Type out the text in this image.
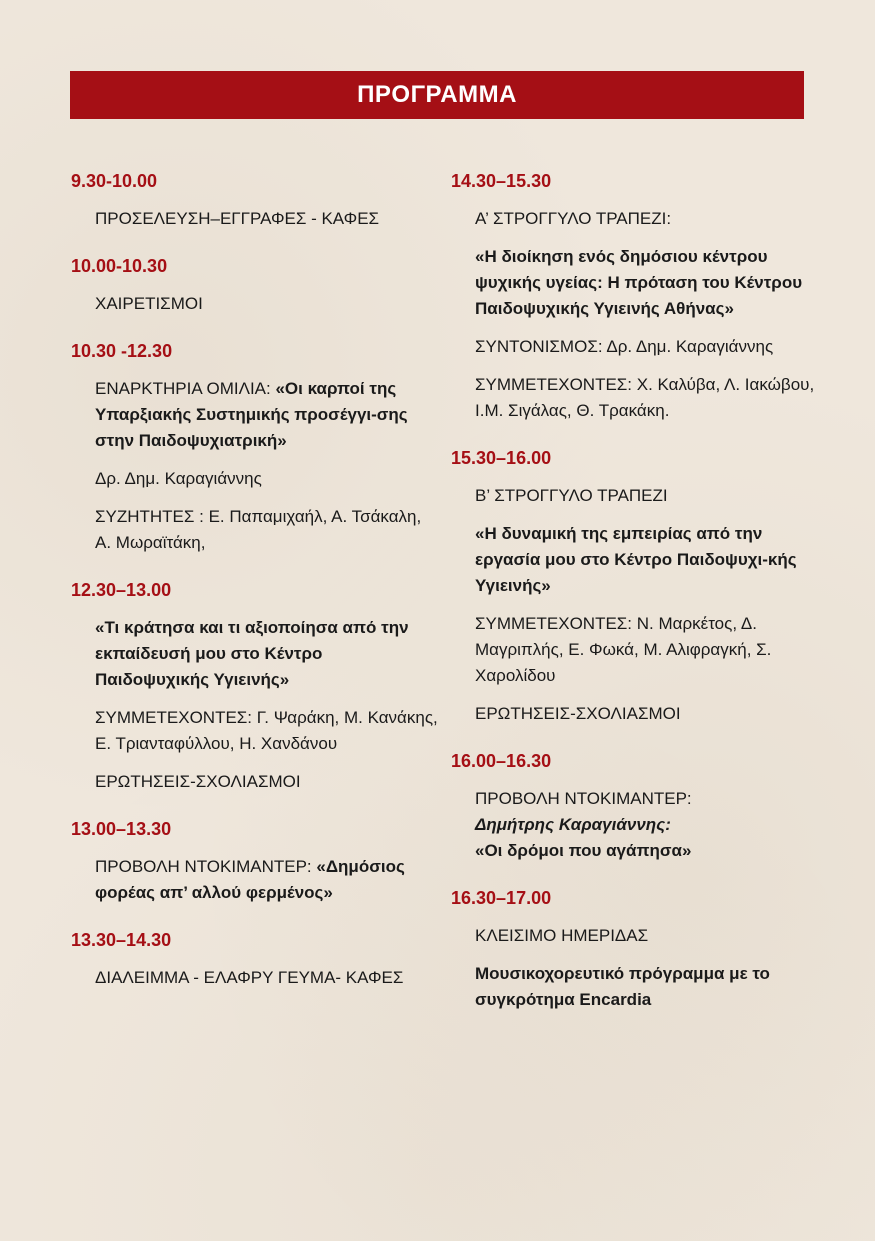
ΠΡΟΓΡΑΜΜΑ
9.30-10.00
ΠΡΟΣΕΛΕΥΣΗ–ΕΓΓΡΑΦΕΣ - ΚΑΦΕΣ
10.00-10.30
ΧΑΙΡΕΤΙΣΜΟΙ
10.30 -12.30
ΕΝΑΡΚΤΗΡΙΑ ΟΜΙΛΙΑ: «Οι καρποί της Υπαρξιακής Συστημικής προσέγγι-σης στην Παιδοψυχιατρική»
Δρ. Δημ. Καραγιάννης
ΣΥΖΗΤΗΤΕΣ : Ε. Παπαμιχαήλ, Α. Τσάκαλη, Α. Μωραϊτάκη,
12.30–13.00
«Τι κράτησα και τι αξιοποίησα από την εκπαίδευσή μου στο Κέντρο Παιδοψυχικής Υγιεινής»
ΣΥΜΜΕΤΕΧΟΝΤΕΣ: Γ. Ψαράκη, Μ. Κανάκης, Ε. Τριανταφύλλου, Η. Χανδάνου
ΕΡΩΤΗΣΕΙΣ-ΣΧΟΛΙΑΣΜΟΙ
13.00–13.30
ΠΡΟΒΟΛΗ ΝΤΟΚΙΜΑΝΤΕΡ: «Δημόσιος φορέας απ’ αλλού φερμένος»
13.30–14.30
ΔΙΑΛΕΙΜΜΑ - ΕΛΑΦΡΥ ΓΕΥΜΑ- ΚΑΦΕΣ
14.30–15.30
Α’ ΣΤΡΟΓΓΥΛΟ ΤΡΑΠΕΖΙ:
«Η διοίκηση ενός δημόσιου κέντρου ψυχικής υγείας: Η πρόταση του Κέντρου Παιδοψυχικής Υγιεινής Αθήνας»
ΣΥΝΤΟΝΙΣΜΟΣ: Δρ. Δημ. Καραγιάννης
ΣΥΜΜΕΤΕΧΟΝΤΕΣ: Χ. Καλύβα, Λ. Ιακώβου, Ι.Μ. Σιγάλας, Θ. Τρακάκη.
15.30–16.00
Β’ ΣΤΡΟΓΓΥΛΟ ΤΡΑΠΕΖΙ
«Η δυναμική της εμπειρίας από την εργασία μου στο Κέντρο Παιδοψυχι-κής Υγιεινής»
ΣΥΜΜΕΤΕΧΟΝΤΕΣ: Ν. Μαρκέτος, Δ. Μαγριπλής, Ε. Φωκά, Μ. Αλιφραγκή, Σ. Χαρολίδου
ΕΡΩΤΗΣΕΙΣ-ΣΧΟΛΙΑΣΜΟΙ
16.00–16.30
ΠΡΟΒΟΛΗ ΝΤΟΚΙΜΑΝΤΕΡ:
Δημήτρης Καραγιάννης:
«Οι δρόμοι που αγάπησα»
16.30–17.00
ΚΛΕΙΣΙΜΟ ΗΜΕΡΙΔΑΣ
Μουσικοχορευτικό πρόγραμμα με το συγκρότημα Encardia
